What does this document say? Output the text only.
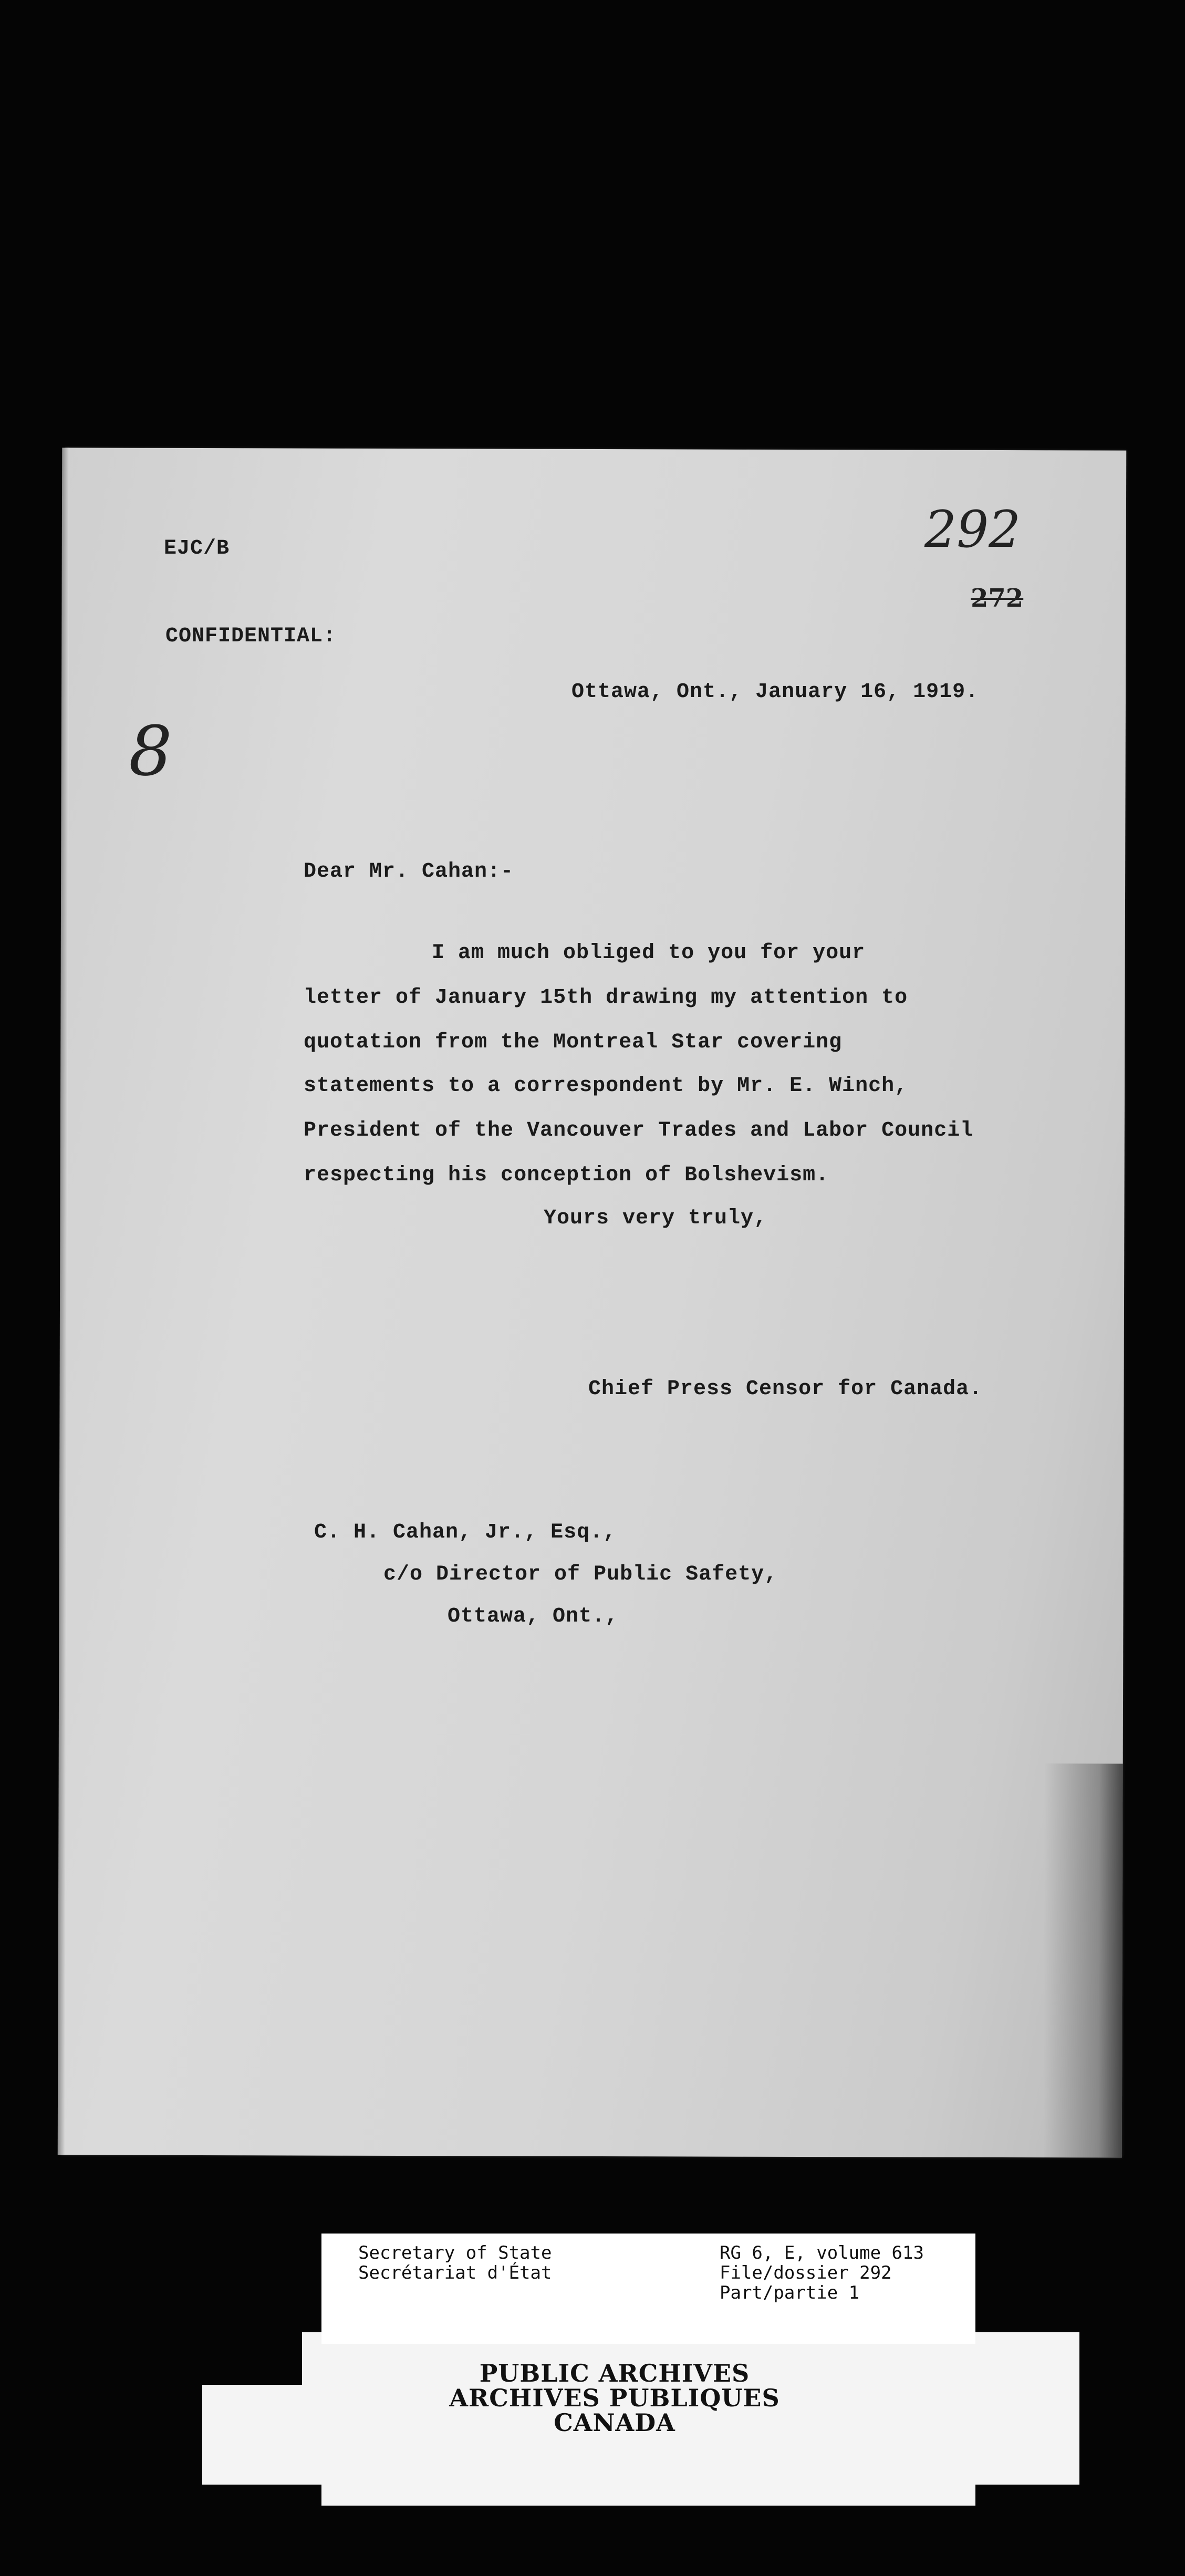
EJC/B	292
272
CONFIDENTIAL:
Ottawa, Ont., January 16, 1919.
8
Dear Mr. Cahan:-
I am much obliged to you for your
letter of January 15th drawing my attention to
quotation from the Montreal Star covering
statements to a correspondent by Mr. E. Winch,
President of the Vancouver Trades and Labor Council
respecting his conception of Bolshevism.
Yours very truly,
Chief Press Censor for Canada.
C. H. Cahan, Jr., Esq.,
c/o Director of Public Safety,
Ottawa, Ont.,
Secretary of State
Secrétariat d'État
RG 6, E, volume 613
File/dossier 292
Part/partie 1
PUBLIC ARCHIVES
ARCHIVES PUBLIQUES
CANADA
